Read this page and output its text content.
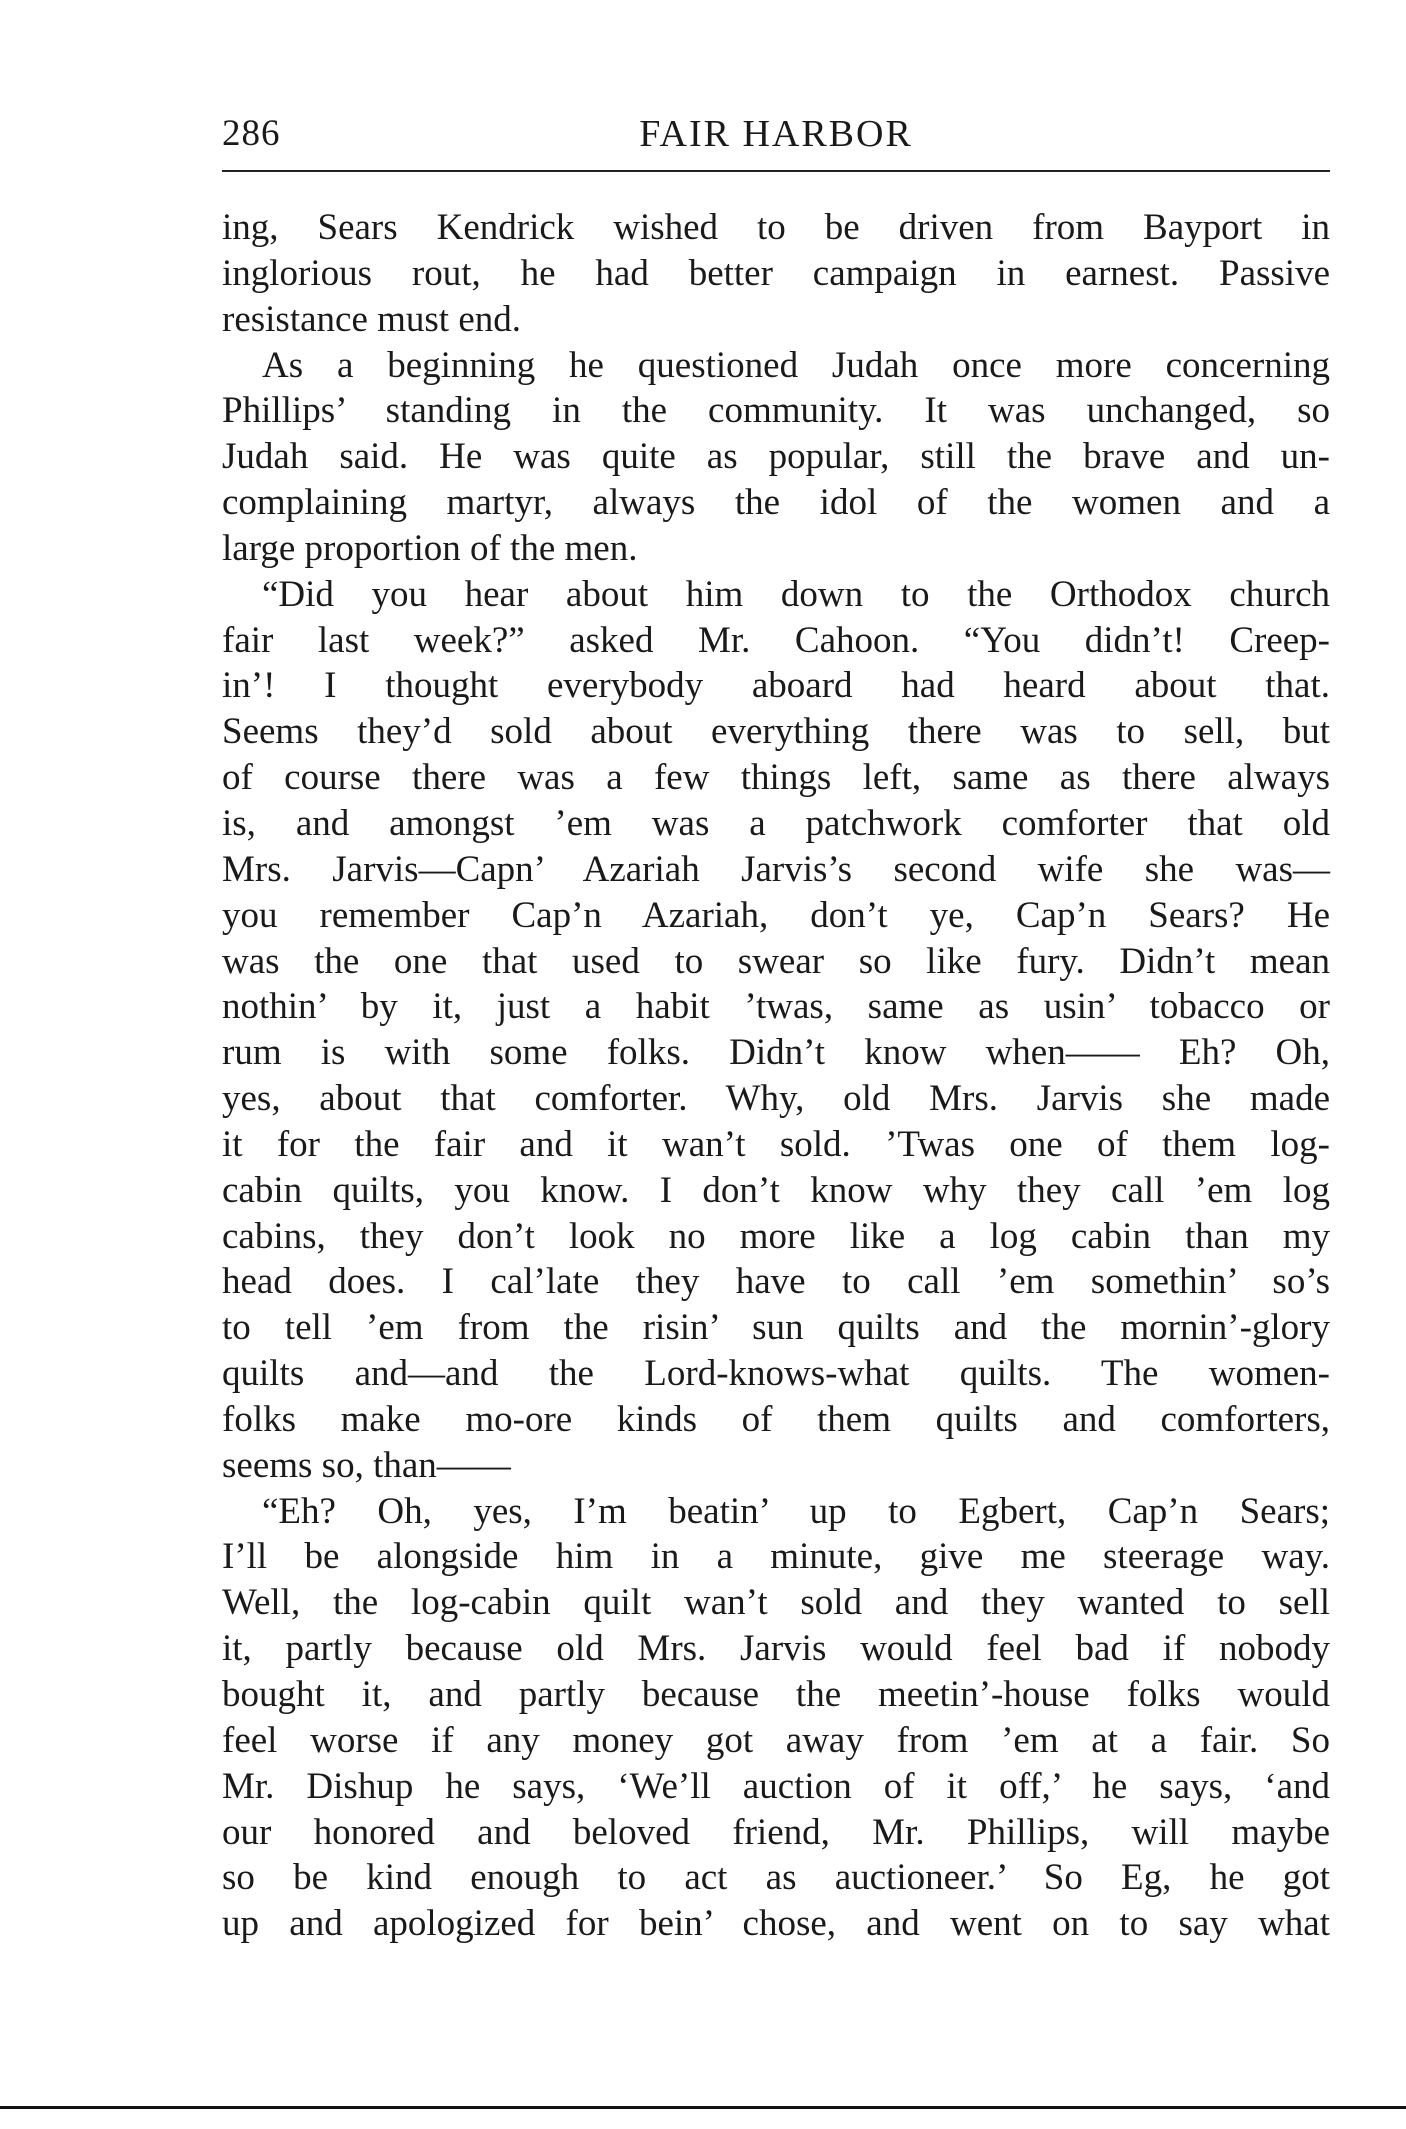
286	FAIR HARBOR
ing, Sears Kendrick wished to be driven from Bayport in
inglorious rout, he had better campaign in earnest. Passive
resistance must end.
As a beginning he questioned Judah once more concerning
Phillips’ standing in the community. It was unchanged, so
Judah said. He was quite as popular, still the brave and un-
complaining martyr, always the idol of the women and a
large proportion of the men.
“Did you hear about him down to the Orthodox church
fair last week?” asked Mr. Cahoon. “You didn’t! Creep-
in’! I thought everybody aboard had heard about that.
Seems they’d sold about everything there was to sell, but
of course there was a few things left, same as there always
is, and amongst ’em was a patchwork comforter that old
Mrs. Jarvis—Capn’ Azariah Jarvis’s second wife she was—
you remember Cap’n Azariah, don’t ye, Cap’n Sears? He
was the one that used to swear so like fury. Didn’t mean
nothin’ by it, just a habit ’twas, same as usin’ tobacco or
rum is with some folks. Didn’t know when—— Eh? Oh,
yes, about that comforter. Why, old Mrs. Jarvis she made
it for the fair and it wan’t sold. ’Twas one of them log-
cabin quilts, you know. I don’t know why they call ’em log
cabins, they don’t look no more like a log cabin than my
head does. I cal’late they have to call ’em somethin’ so’s
to tell ’em from the risin’ sun quilts and the mornin’-glory
quilts and—and the Lord-knows-what quilts. The women-
folks make mo-ore kinds of them quilts and comforters,
seems so, than——
“Eh? Oh, yes, I’m beatin’ up to Egbert, Cap’n Sears;
I’ll be alongside him in a minute, give me steerage way.
Well, the log-cabin quilt wan’t sold and they wanted to sell
it, partly because old Mrs. Jarvis would feel bad if nobody
bought it, and partly because the meetin’-house folks would
feel worse if any money got away from ’em at a fair. So
Mr. Dishup he says, ‘We’ll auction of it off,’ he says, ‘and
our honored and beloved friend, Mr. Phillips, will maybe
so be kind enough to act as auctioneer.’ So Eg, he got
up and apologized for bein’ chose, and went on to say what
